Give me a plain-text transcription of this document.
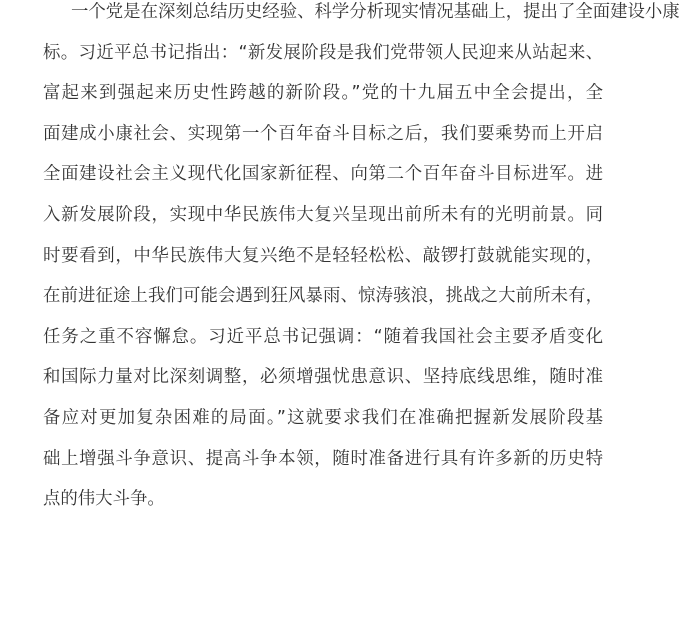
一个党是在深刻总结历史经验、科学分析现实情况基础上，提出了全面建设小康
标。习近平总书记指出：“新发展阶段是我们党带领人民迎来从站起来、
富起来到强起来历史性跨越的新阶段。”党的十九届五中全会提出，全
面建成小康社会、实现第一个百年奋斗目标之后，我们要乘势而上开启
全面建设社会主义现代化国家新征程、向第二个百年奋斗目标进军。进
入新发展阶段，实现中华民族伟大复兴呈现出前所未有的光明前景。同
时要看到，中华民族伟大复兴绝不是轻轻松松、敲锣打鼓就能实现的，
在前进征途上我们可能会遇到狂风暴雨、惊涛骇浪，挑战之大前所未有，
任务之重不容懈怠。习近平总书记强调：“随着我国社会主要矛盾变化
和国际力量对比深刻调整，必须增强忧患意识、坚持底线思维，随时准
备应对更加复杂困难的局面。”这就要求我们在准确把握新发展阶段基
础上增强斗争意识、提高斗争本领，随时准备进行具有许多新的历史特
点的伟大斗争。
